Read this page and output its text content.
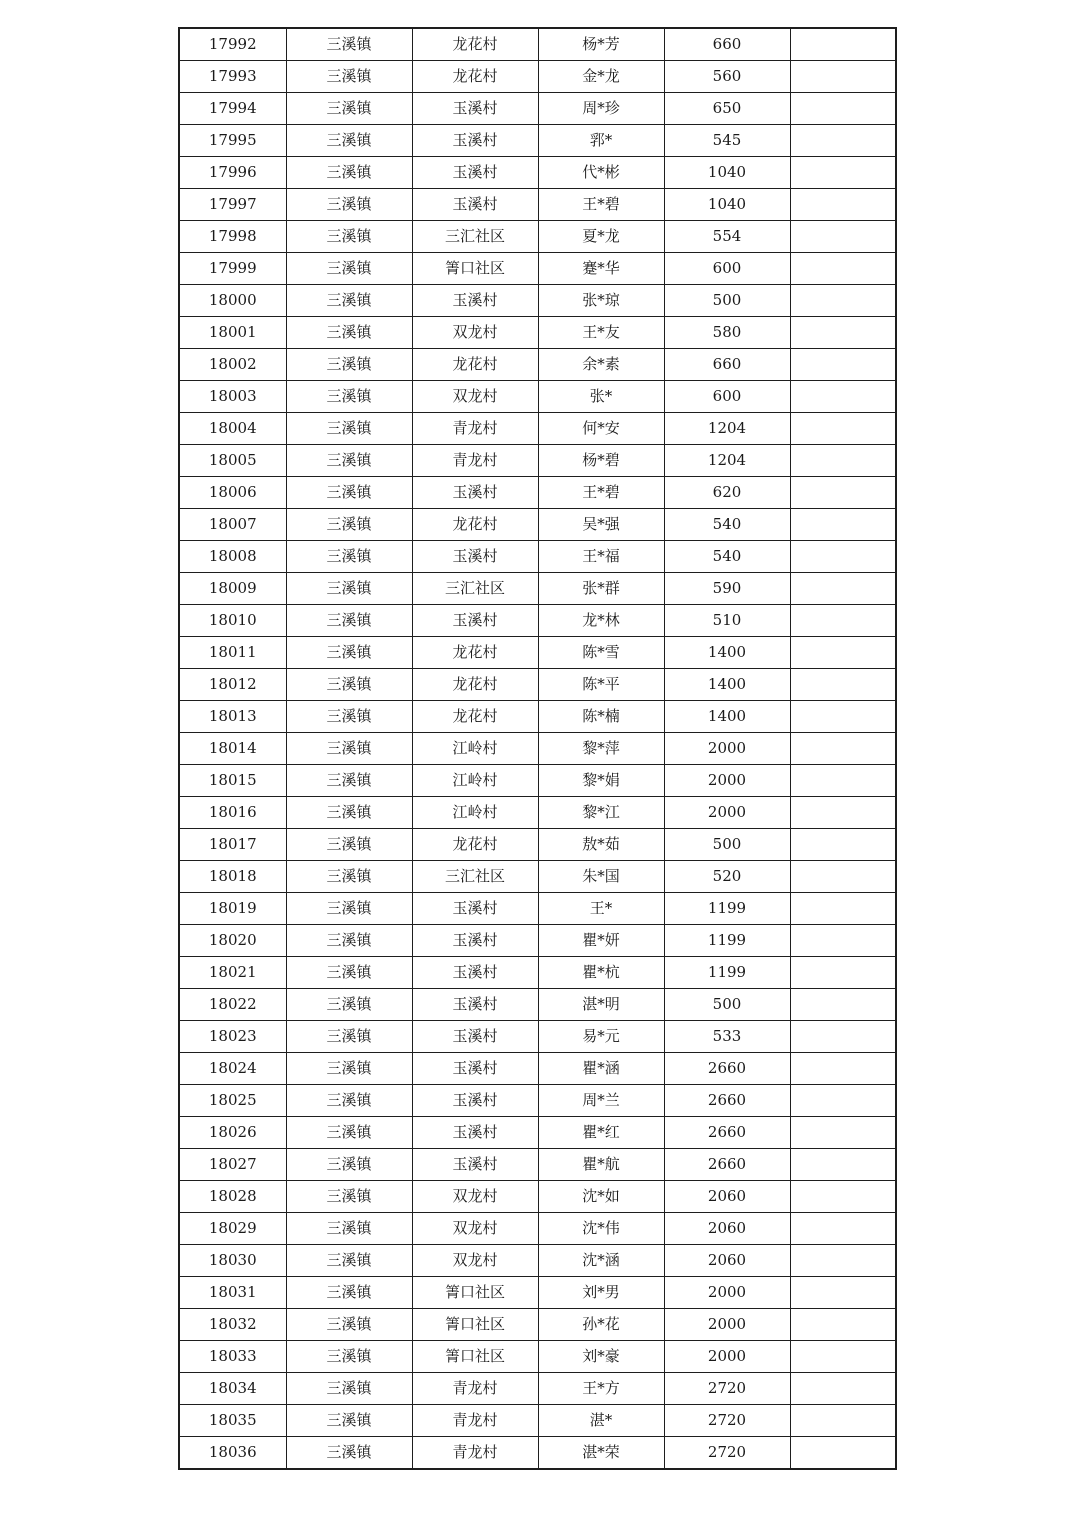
17992	三溪镇	龙花村	杨*芳	660	
17993	三溪镇	龙花村	金*龙	560	
17994	三溪镇	玉溪村	周*珍	650	
17995	三溪镇	玉溪村	郛*	545	
17996	三溪镇	玉溪村	代*彬	1040	
17997	三溪镇	玉溪村	王*碧	1040	
17998	三溪镇	三汇社区	夏*龙	554	
17999	三溪镇	箐口社区	蹇*华	600	
18000	三溪镇	玉溪村	张*琼	500	
18001	三溪镇	双龙村	王*友	580	
18002	三溪镇	龙花村	余*素	660	
18003	三溪镇	双龙村	张*	600	
18004	三溪镇	青龙村	何*安	1204	
18005	三溪镇	青龙村	杨*碧	1204	
18006	三溪镇	玉溪村	王*碧	620	
18007	三溪镇	龙花村	吴*强	540	
18008	三溪镇	玉溪村	王*福	540	
18009	三溪镇	三汇社区	张*群	590	
18010	三溪镇	玉溪村	龙*林	510	
18011	三溪镇	龙花村	陈*雪	1400	
18012	三溪镇	龙花村	陈*平	1400	
18013	三溪镇	龙花村	陈*楠	1400	
18014	三溪镇	江岭村	黎*萍	2000	
18015	三溪镇	江岭村	黎*娟	2000	
18016	三溪镇	江岭村	黎*江	2000	
18017	三溪镇	龙花村	敖*茹	500	
18018	三溪镇	三汇社区	朱*国	520	
18019	三溪镇	玉溪村	王*	1199	
18020	三溪镇	玉溪村	瞿*妍	1199	
18021	三溪镇	玉溪村	瞿*杭	1199	
18022	三溪镇	玉溪村	湛*明	500	
18023	三溪镇	玉溪村	易*元	533	
18024	三溪镇	玉溪村	瞿*涵	2660	
18025	三溪镇	玉溪村	周*兰	2660	
18026	三溪镇	玉溪村	瞿*红	2660	
18027	三溪镇	玉溪村	瞿*航	2660	
18028	三溪镇	双龙村	沈*如	2060	
18029	三溪镇	双龙村	沈*伟	2060	
18030	三溪镇	双龙村	沈*涵	2060	
18031	三溪镇	箐口社区	刘*男	2000	
18032	三溪镇	箐口社区	孙*花	2000	
18033	三溪镇	箐口社区	刘*豪	2000	
18034	三溪镇	青龙村	王*方	2720	
18035	三溪镇	青龙村	湛*	2720	
18036	三溪镇	青龙村	湛*荣	2720	
